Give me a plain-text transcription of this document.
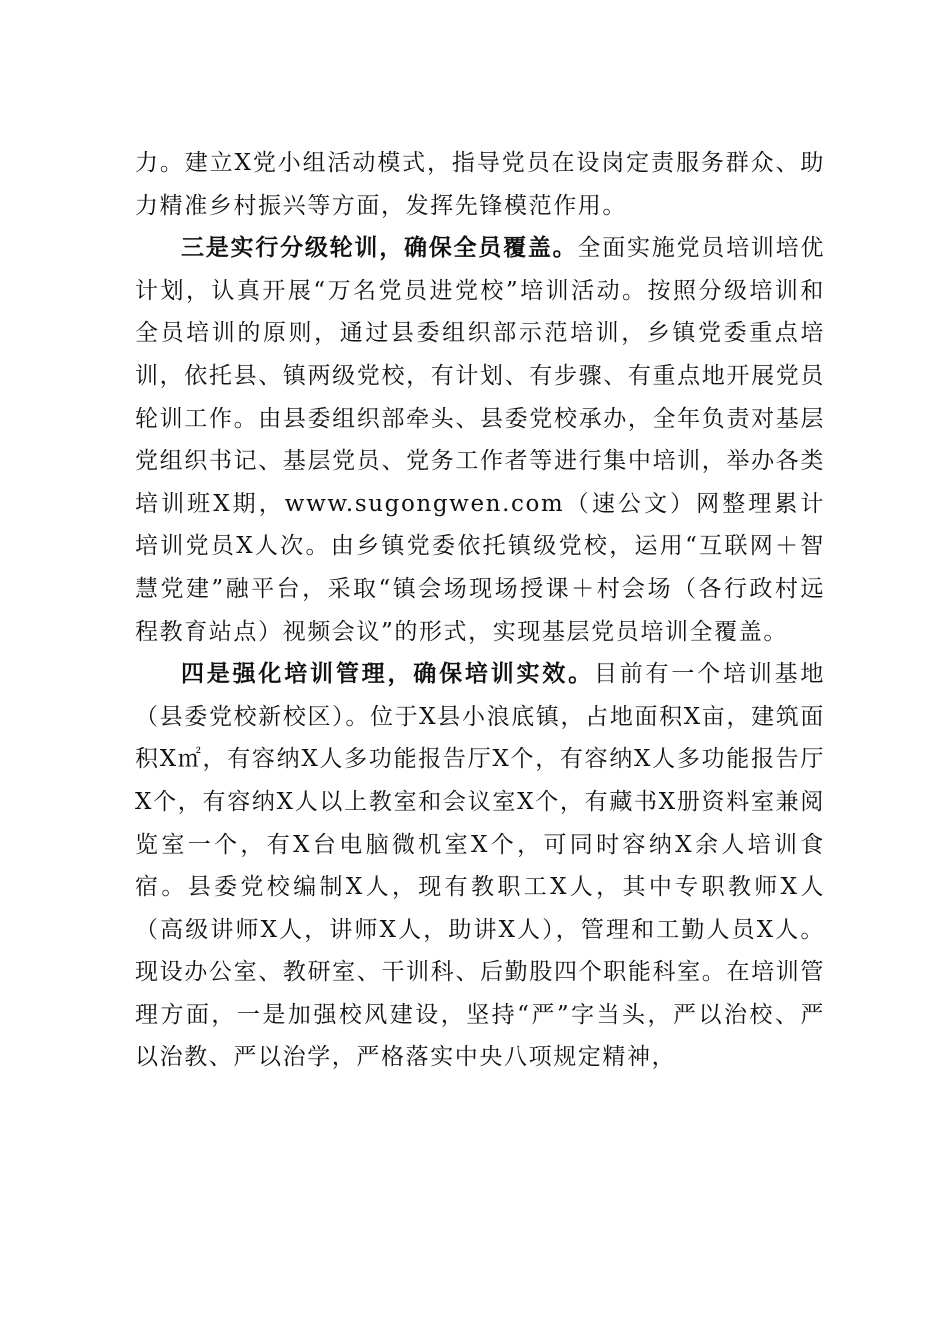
力。建立X党小组活动模式，指导党员在设岗定责服务群众、助力精准乡村振兴等方面，发挥先锋模范作用。

三是实行分级轮训，确保全员覆盖。全面实施党员培训培优计划，认真开展“万名党员进党校”培训活动。按照分级培训和全员培训的原则，通过县委组织部示范培训，乡镇党委重点培训，依托县、镇两级党校，有计划、有步骤、有重点地开展党员轮训工作。由县委组织部牵头、县委党校承办，全年负责对基层党组织书记、基层党员、党务工作者等进行集中培训，举办各类培训班X期，www.sugongwen.com（速公文）网整理累计培训党员X人次。由乡镇党委依托镇级党校，运用“互联网＋智慧党建”融平台，采取“镇会场现场授课＋村会场（各行政村远程教育站点）视频会议”的形式，实现基层党员培训全覆盖。

四是强化培训管理，确保培训实效。目前有一个培训基地（县委党校新校区）。位于X县小浪底镇，占地面积X亩，建筑面积X㎡，有容纳X人多功能报告厅X个，有容纳X人多功能报告厅X个，有容纳X人以上教室和会议室X个，有藏书X册资料室兼阅览室一个，有X台电脑微机室X个，可同时容纳X余人培训食宿。县委党校编制X人，现有教职工X人，其中专职教师X人（高级讲师X人，讲师X人，助讲X人），管理和工勤人员X人。现设办公室、教研室、干训科、后勤股四个职能科室。在培训管理方面，一是加强校风建设，坚持“严”字当头，严以治校、严以治教、严以治学，严格落实中央八项规定精神，
